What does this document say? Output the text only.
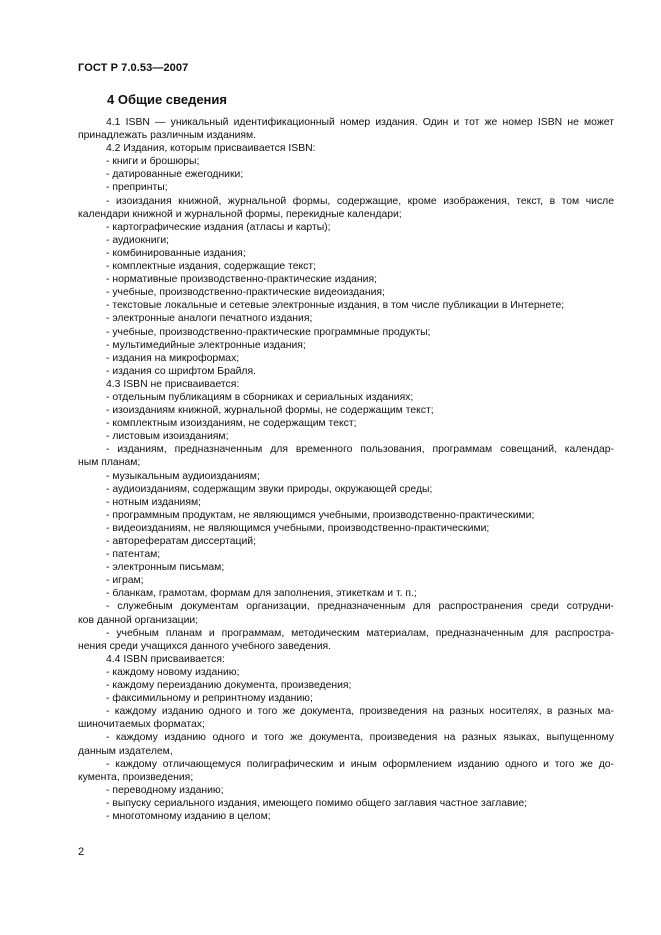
ГОСТ Р 7.0.53—2007
4 Общие сведения
4.1 ISBN — уникальный идентификационный номер издания. Один и тот же номер ISBN не может
принадлежать различным изданиям.
4.2 Издания, которым присваивается ISBN:
- книги и брошюры;
- датированные ежегодники;
- препринты;
- изоиздания книжной, журнальной формы, содержащие, кроме изображения, текст, в том числе
календари книжной и журнальной формы, перекидные календари;
- картографические издания (атласы и карты);
- аудиокниги;
- комбинированные издания;
- комплектные издания, содержащие текст;
- нормативные производственно-практические издания;
- учебные, производственно-практические видеоиздания;
- текстовые локальные и сетевые электронные издания, в том числе публикации в Интернете;
- электронные аналоги печатного издания;
- учебные, производственно-практические программные продукты;
- мультимедийные электронные издания;
- издания на микроформах;
- издания со шрифтом Брайля.
4.3 ISBN не присваивается:
- отдельным публикациям в сборниках и сериальных изданиях;
- изоизданиям книжной, журнальной формы, не содержащим текст;
- комплектным изоизданиям, не содержащим текст;
- листовым изоизданиям;
- изданиям, предназначенным для временного пользования, программам совещаний, календар-
ным планам;
- музыкальным аудиоизданиям;
- аудиоизданиям, содержащим звуки природы, окружающей среды;
- нотным изданиям;
- программным продуктам, не являющимся учебными, производственно-практическими;
- видеоизданиям, не являющимся учебными, производственно-практическими;
- авторефератам диссертаций;
- патентам;
- электронным письмам;
- играм;
- бланкам, грамотам, формам для заполнения, этикеткам и т. п.;
- служебным документам организации, предназначенным для распространения среди сотрудни-
ков данной организации;
- учебным планам и программам, методическим материалам, предназначенным для распростра-
нения среди учащихся данного учебного заведения.
4.4 ISBN присваивается:
- каждому новому изданию;
- каждому переизданию документа, произведения;
- факсимильному и репринтному изданию;
- каждому изданию одного и того же документа, произведения на разных носителях, в разных ма-
шиночитаемых форматах;
- каждому изданию одного и того же документа, произведения на разных языках, выпущенному
данным издателем,
- каждому отличающемуся полиграфическим и иным оформлением изданию одного и того же до-
кумента, произведения;
- переводному изданию;
- выпуску сериального издания, имеющего помимо общего заглавия частное заглавие;
- многотомному изданию в целом;
2
